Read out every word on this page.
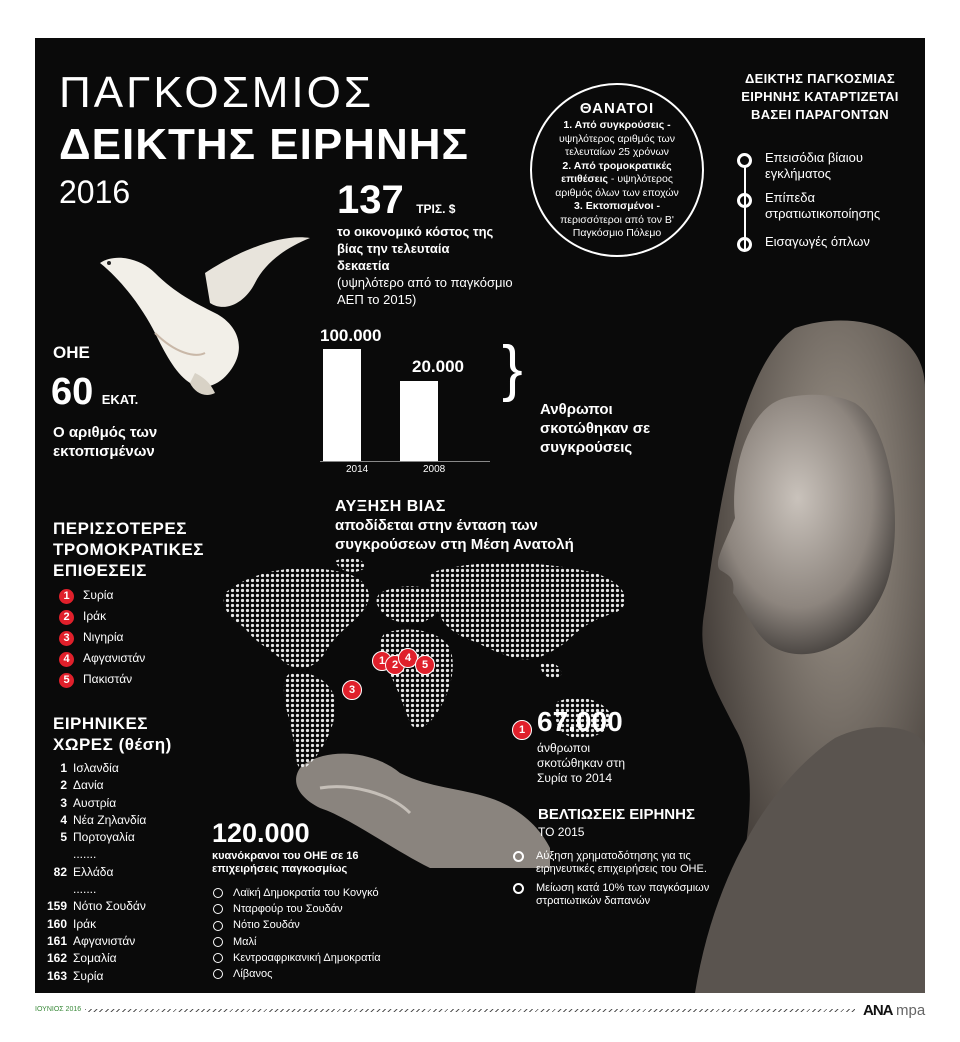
ΠΑΓΚΟΣΜΙΟΣ
ΔΕΙΚΤΗΣ ΕΙΡΗΝΗΣ
2016	137 ΤΡΙΣ. $
το οικονομικό κόστος της βίας την τελευταία δεκαετία
(υψηλότερο από το παγκόσμιο ΑΕΠ το 2015)
ΘΑΝΑΤΟΙ
1. Από συγκρούσεις - υψηλότερος αριθμός των τελευταίων 25 χρόνων
2. Από τρομοκρατικές επιθέσεις - υψηλότερος αριθμός όλων των εποχών
3. Εκτοπισμένοι - περισσότεροι από τον Β' Παγκόσμιο Πόλεμο
ΔΕΙΚΤΗΣ ΠΑΓΚΟΣΜΙΑΣ ΕΙΡΗΝΗΣ ΚΑΤΑΡΤΙΖΕΤΑΙ ΒΑΣΕΙ ΠΑΡΑΓΟΝΤΩΝ
Επεισόδια βίαιου εγκλήματος
Επίπεδα στρατιωτικοποίησης
Εισαγωγές όπλων
ΟΗΕ
60 ΕΚΑΤ.
Ο αριθμός των εκτοπισμένων
100.000
20.000
2014	2008
}
Ανθρωποι σκοτώθηκαν σε συγκρούσεις
ΑΥΞΗΣΗ ΒΙΑΣ
αποδίδεται στην ένταση των συγκρούσεων στη Μέση Ανατολή
ΠΕΡΙΣΣΟΤΕΡΕΣ ΤΡΟΜΟΚΡΑΤΙΚΕΣ ΕΠΙΘΕΣΕΙΣ
1 Συρία
2 Ιράκ
3 Νιγηρία
4 Αφγανιστάν
5 Πακιστάν
ΕΙΡΗΝΙΚΕΣ ΧΩΡΕΣ (θέση)
1 Ισλανδία
2 Δανία
3 Αυστρία
4 Νέα Ζηλανδία
5 Πορτογαλία
.......
82 Ελλάδα
.......
159 Νότιο Σουδάν
160 Ιράκ
161 Αφγανιστάν
162 Σομαλία
163 Συρία
1 2
3
4
5
1 67.000
άνθρωποι σκοτώθηκαν στη Συρία το 2014
ΒΕΛΤΙΩΣΕΙΣ ΕΙΡΗΝΗΣ
ΤΟ 2015
Αύξηση χρηματοδότησης για τις ειρηνευτικές επιχειρήσεις του ΟΗΕ.
Μείωση κατά 10% των παγκόσμιων στρατιωτικών δαπανών
120.000
κυανόκρανοι του ΟΗΕ σε 16 επιχειρήσεις παγκοσμίως
Λαϊκή Δημοκρατία του Κονγκό
Νταρφούρ του Σουδάν
Νότιο Σουδάν
Μαλί
Κεντροαφρικανική Δημοκρατία
Λίβανος
ΙΟΥΝΙΟΣ 2016	ANA mpa
